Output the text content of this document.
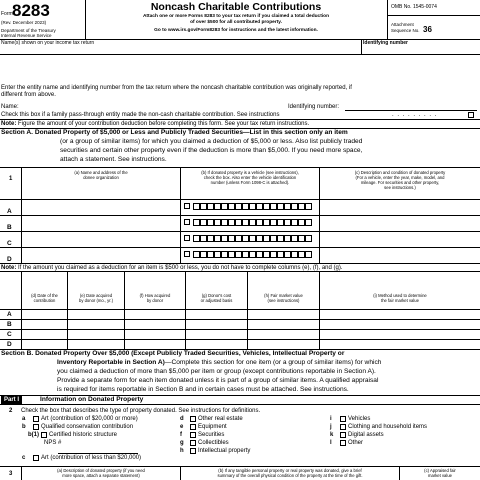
Form 8283
(Rev. December 2023)
Department of the Treasury
Internal Revenue Service
Noncash Charitable Contributions
Attach one or more Forms 8283 to your tax return if you claimed a total deduction
of over $500 for all contributed property.
Go to www.irs.gov/Form8283 for instructions and the latest information.
OMB No. 1545-0074
Attachment
Sequence No. 36
Name(s) shown on your income tax return	Identifying number
Enter the entity name and identifying number from the tax return where the noncash charitable contribution was originally reported, if
different from above.
Name:	Identifying number:
Check this box if a family pass-through entity made the non-cash charitable contribution. See instructions	. . . . . . . . .
Note: Figure the amount of your contribution deduction before completing this form. See your tax return instructions.
Section A. Donated Property of $5,000 or Less and Publicly Traded Securities—List in this section only an item
(or a group of similar items) for which you claimed a deduction of $5,000 or less. Also list publicly traded
securities and certain other property even if the deduction is more than $5,000. If you need more space,
attach a statement. See instructions.
1
(a) Name and address of the
donee organization
(b) If donated property is a vehicle (see instructions),
check the box. Also enter the vehicle identification
number (unless Form 1098-C is attached).
(c) Description and condition of donated property
(For a vehicle, enter the year, make, model, and
mileage. For securities and other property,
see instructions.)
A
B
C
D
Note: If the amount you claimed as a deduction for an item is $500 or less, you do not have to complete columns (e), (f), and (g).
(d) Date of the
contribution
(e) Date acquired
by donor (mo., yr.)
(f) How acquired
by donor
(g) Donor's cost
or adjusted basis
(h) Fair market value
(see instructions)
(i) Method used to determine
the fair market value
A
B
C
D
Section B. Donated Property Over $5,000 (Except Publicly Traded Securities, Vehicles, Intellectual Property or
Inventory Reportable in Section A)—Complete this section for one item (or a group of similar items) for which
you claimed a deduction of more than $5,000 per item or group (except contributions reportable in Section A).
Provide a separate form for each item donated unless it is part of a group of similar items. A qualified appraisal
is required for items reportable in Section B and in certain cases must be attached. See instructions.
Part I	Information on Donated Property
2 Check the box that describes the type of property donated. See instructions for definitions.
a	Art (contribution of $20,000 or more)
b	Qualified conservation contribution
b(1) Certified historic structure
NPS #
c	Art (contribution of less than $20,000)
d Other real estate
e Equipment
f	Securities
g Collectibles
h Intellectual property
i	Vehicles
j	Clothing and household items
k Digital assets
l	Other
3
(a) Description of donated property (if you need
more space, attach a separate statement)
(b) If any tangible personal property or real property was donated, give a brief
summary of the overall physical condition of the property at the time of the gift.
(c) Appraised fair
market value
